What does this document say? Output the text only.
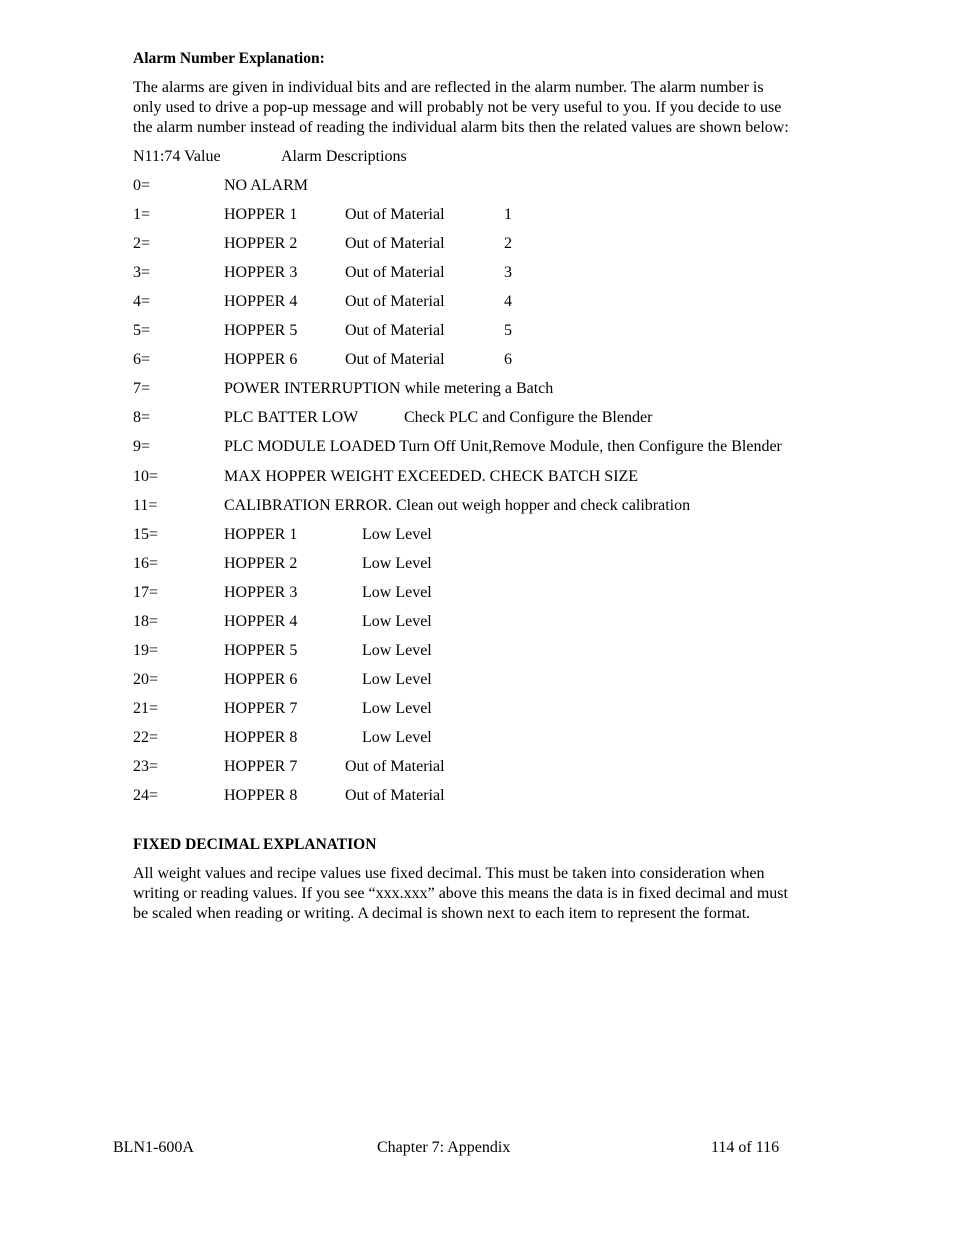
Alarm Number Explanation:
The alarms are given in individual bits and are reflected in the alarm number. The alarm number is
only used to drive a pop-up message and will probably not be very useful to you. If you decide to use
the alarm number instead of reading the individual alarm bits then the related values are shown below:
N11:74 Value	Alarm Descriptions
0=	NO ALARM
1=	HOPPER 1	Out of Material	1
2=	HOPPER 2	Out of Material	2
3=	HOPPER 3	Out of Material	3
4=	HOPPER 4	Out of Material	4
5=	HOPPER 5	Out of Material	5
6=	HOPPER 6	Out of Material	6
7=	POWER INTERRUPTION while metering a Batch
8=	PLC BATTER LOW	Check PLC and Configure the Blender
9=	PLC MODULE LOADED Turn Off Unit,Remove Module, then Configure the Blender
10=	MAX HOPPER WEIGHT EXCEEDED. CHECK BATCH SIZE
11=	CALIBRATION ERROR. Clean out weigh hopper and check calibration
15=	HOPPER 1	Low Level
16=	HOPPER 2	Low Level
17=	HOPPER 3	Low Level
18=	HOPPER 4	Low Level
19=	HOPPER 5	Low Level
20=	HOPPER 6	Low Level
21=	HOPPER 7	Low Level
22=	HOPPER 8	Low Level
23=	HOPPER 7	Out of Material
24=	HOPPER 8	Out of Material
FIXED DECIMAL EXPLANATION
All weight values and recipe values use fixed decimal. This must be taken into consideration when
writing or reading values. If you see “xxx.xxx” above this means the data is in fixed decimal and must
be scaled when reading or writing. A decimal is shown next to each item to represent the format.
BLN1-600A	Chapter 7: Appendix	114 of 116
